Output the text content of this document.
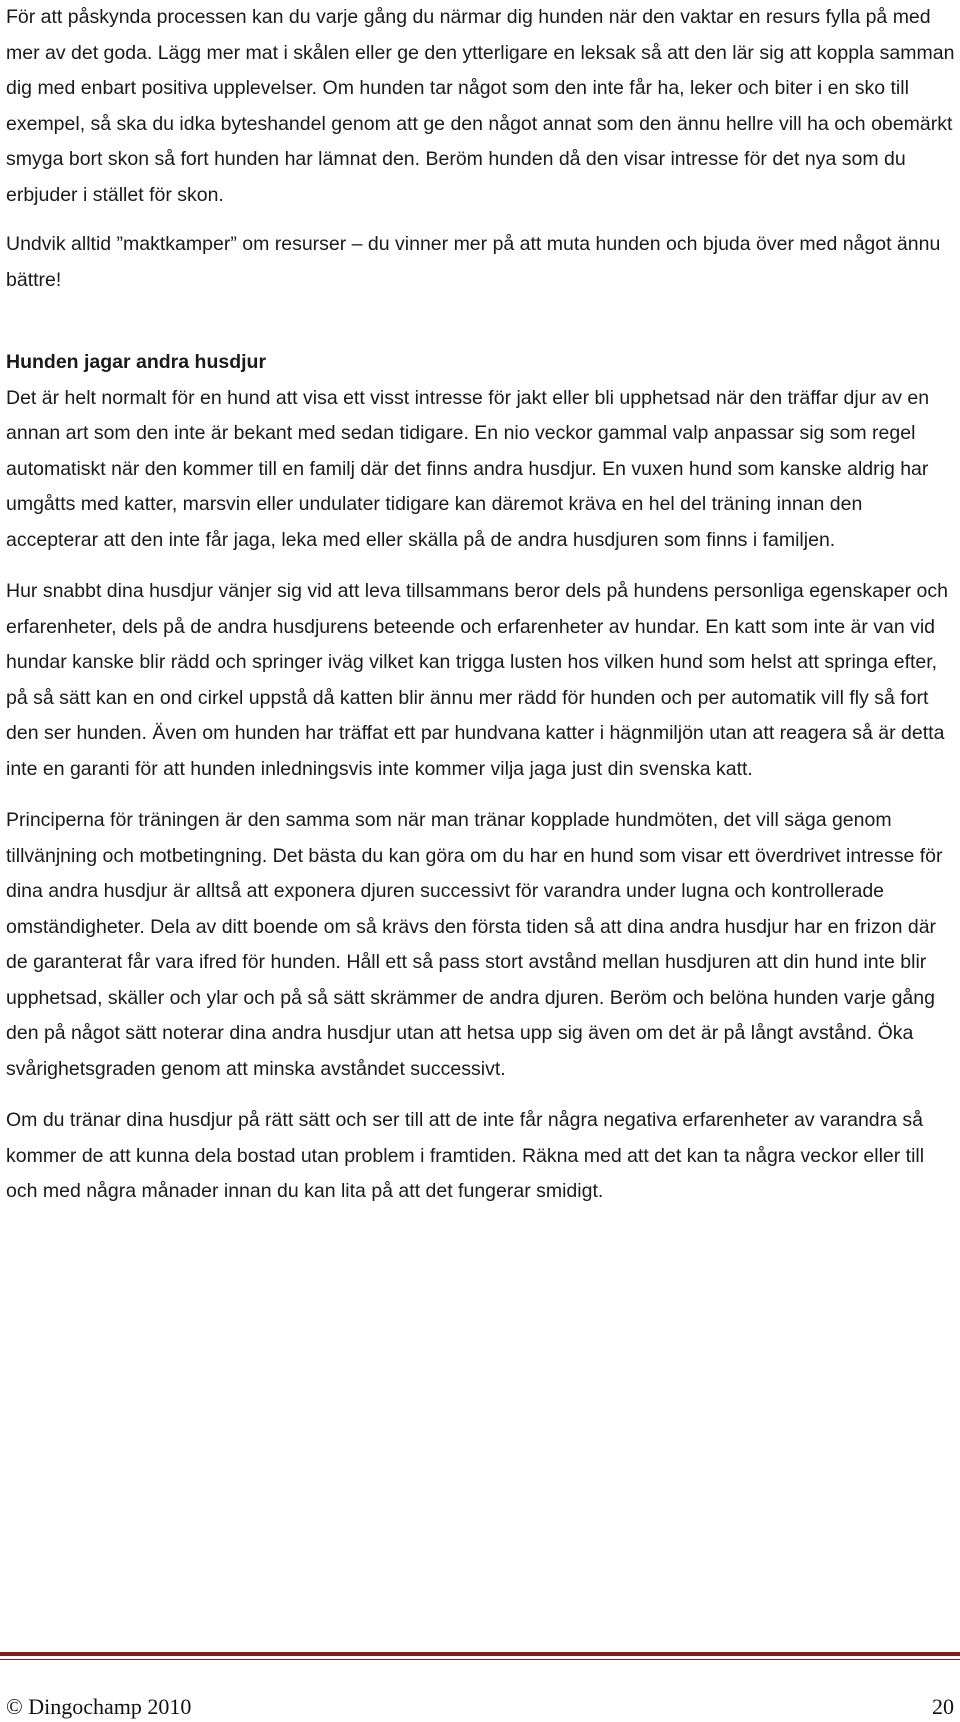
För att påskynda processen kan du varje gång du närmar dig hunden när den vaktar en resurs fylla på med mer av det goda. Lägg mer mat i skålen eller ge den ytterligare en leksak så att den lär sig att koppla samman dig med enbart positiva upplevelser. Om hunden tar något som den inte får ha, leker och biter i en sko till exempel, så ska du idka byteshandel genom att ge den något annat som den ännu hellre vill ha och obemärkt smyga bort skon så fort hunden har lämnat den. Beröm hunden då den visar intresse för det nya som du erbjuder i stället för skon.

Undvik alltid ”maktkamper” om resurser – du vinner mer på att muta hunden och bjuda över med något ännu bättre!

Hunden jagar andra husdjur

Det är helt normalt för en hund att visa ett visst intresse för jakt eller bli upphetsad när den träffar djur av en annan art som den inte är bekant med sedan tidigare. En nio veckor gammal valp anpassar sig som regel automatiskt när den kommer till en familj där det finns andra husdjur. En vuxen hund som kanske aldrig har umgåtts med katter, marsvin eller undulater tidigare kan däremot kräva en hel del träning innan den accepterar att den inte får jaga, leka med eller skälla på de andra husdjuren som finns i familjen.

Hur snabbt dina husdjur vänjer sig vid att leva tillsammans beror dels på hundens personliga egenskaper och erfarenheter, dels på de andra husdjurens beteende och erfarenheter av hundar. En katt som inte är van vid hundar kanske blir rädd och springer iväg vilket kan trigga lusten hos vilken hund som helst att springa efter, på så sätt kan en ond cirkel uppstå då katten blir ännu mer rädd för hunden och per automatik vill fly så fort den ser hunden. Även om hunden har träffat ett par hundvana katter i hägnmiljön utan att reagera så är detta inte en garanti för att hunden inledningsvis inte kommer vilja jaga just din svenska katt.

Principerna för träningen är den samma som när man tränar kopplade hundmöten, det vill säga genom tillvänjning och motbetingning. Det bästa du kan göra om du har en hund som visar ett överdrivet intresse för dina andra husdjur är alltså att exponera djuren successivt för varandra under lugna och kontrollerade omständigheter. Dela av ditt boende om så krävs den första tiden så att dina andra husdjur har en frizon där de garanterat får vara ifred för hunden. Håll ett så pass stort avstånd mellan husdjuren att din hund inte blir upphetsad, skäller och ylar och på så sätt skrämmer de andra djuren. Beröm och belöna hunden varje gång den på något sätt noterar dina andra husdjur utan att hetsa upp sig även om det är på långt avstånd. Öka svårighetsgraden genom att minska avståndet successivt.

Om du tränar dina husdjur på rätt sätt och ser till att de inte får några negativa erfarenheter av varandra så kommer de att kunna dela bostad utan problem i framtiden. Räkna med att det kan ta några veckor eller till och med några månader innan du kan lita på att det fungerar smidigt.

© Dingochamp 2010	20
